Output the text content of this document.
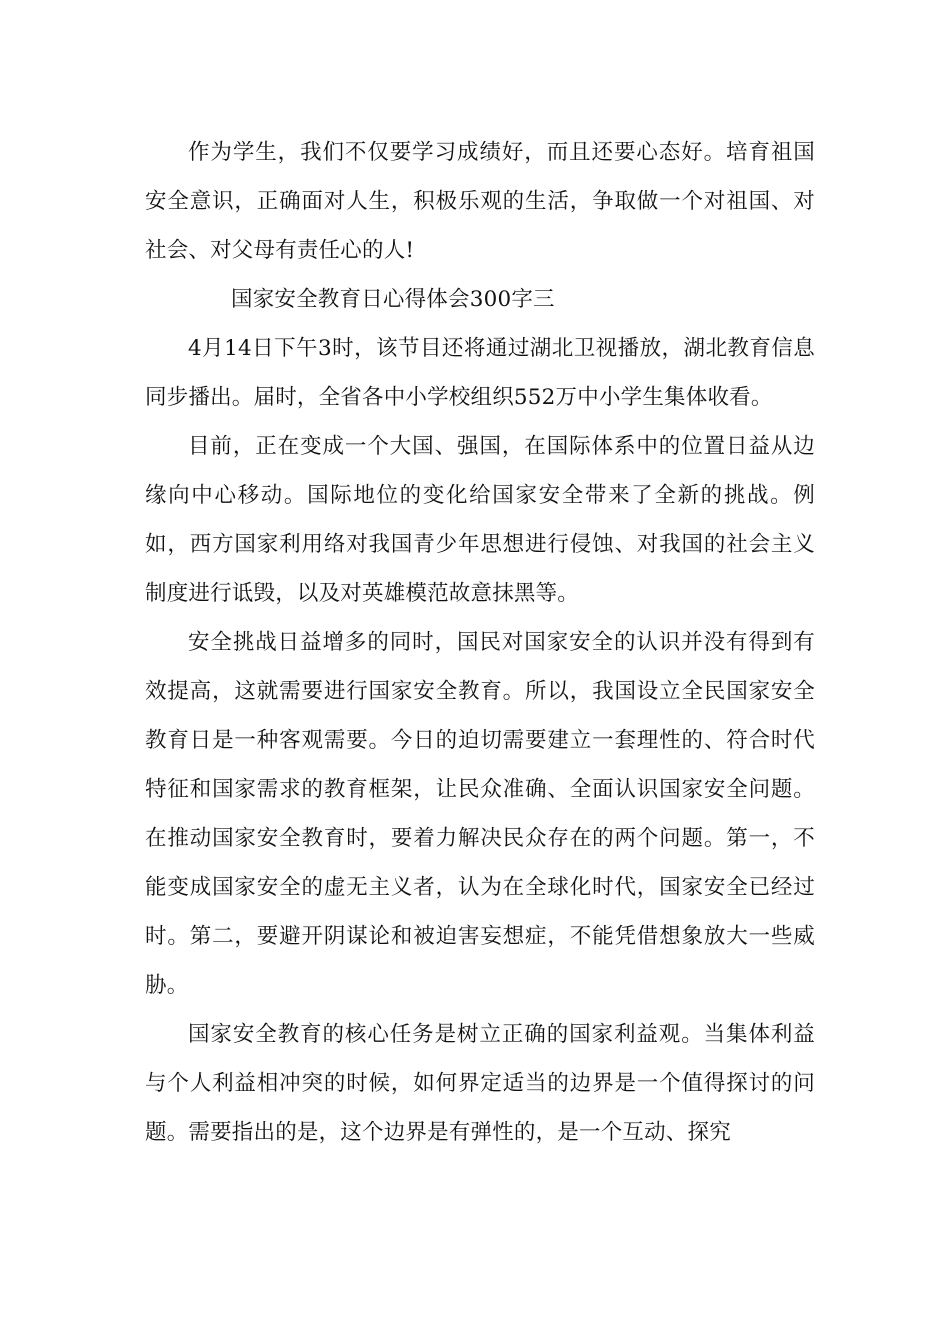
作为学生，我们不仅要学习成绩好，而且还要心态好。培育祖国安全意识，正确面对人生，积极乐观的生活，争取做一个对祖国、对社会、对父母有责任心的人!

国家安全教育日心得体会300字三

4月14日下午3时，该节目还将通过湖北卫视播放，湖北教育信息同步播出。届时，全省各中小学校组织552万中小学生集体收看。

目前，正在变成一个大国、强国，在国际体系中的位置日益从边缘向中心移动。国际地位的变化给国家安全带来了全新的挑战。例如，西方国家利用络对我国青少年思想进行侵蚀、对我国的社会主义制度进行诋毁，以及对英雄模范故意抹黑等。

安全挑战日益增多的同时，国民对国家安全的认识并没有得到有效提高，这就需要进行国家安全教育。所以，我国设立全民国家安全教育日是一种客观需要。今日的迫切需要建立一套理性的、符合时代特征和国家需求的教育框架，让民众准确、全面认识国家安全问题。在推动国家安全教育时，要着力解决民众存在的两个问题。第一，不能变成国家安全的虚无主义者，认为在全球化时代，国家安全已经过时。第二，要避开阴谋论和被迫害妄想症，不能凭借想象放大一些威胁。

国家安全教育的核心任务是树立正确的国家利益观。当集体利益与个人利益相冲突的时候，如何界定适当的边界是一个值得探讨的问题。需要指出的是，这个边界是有弹性的，是一个互动、探究
